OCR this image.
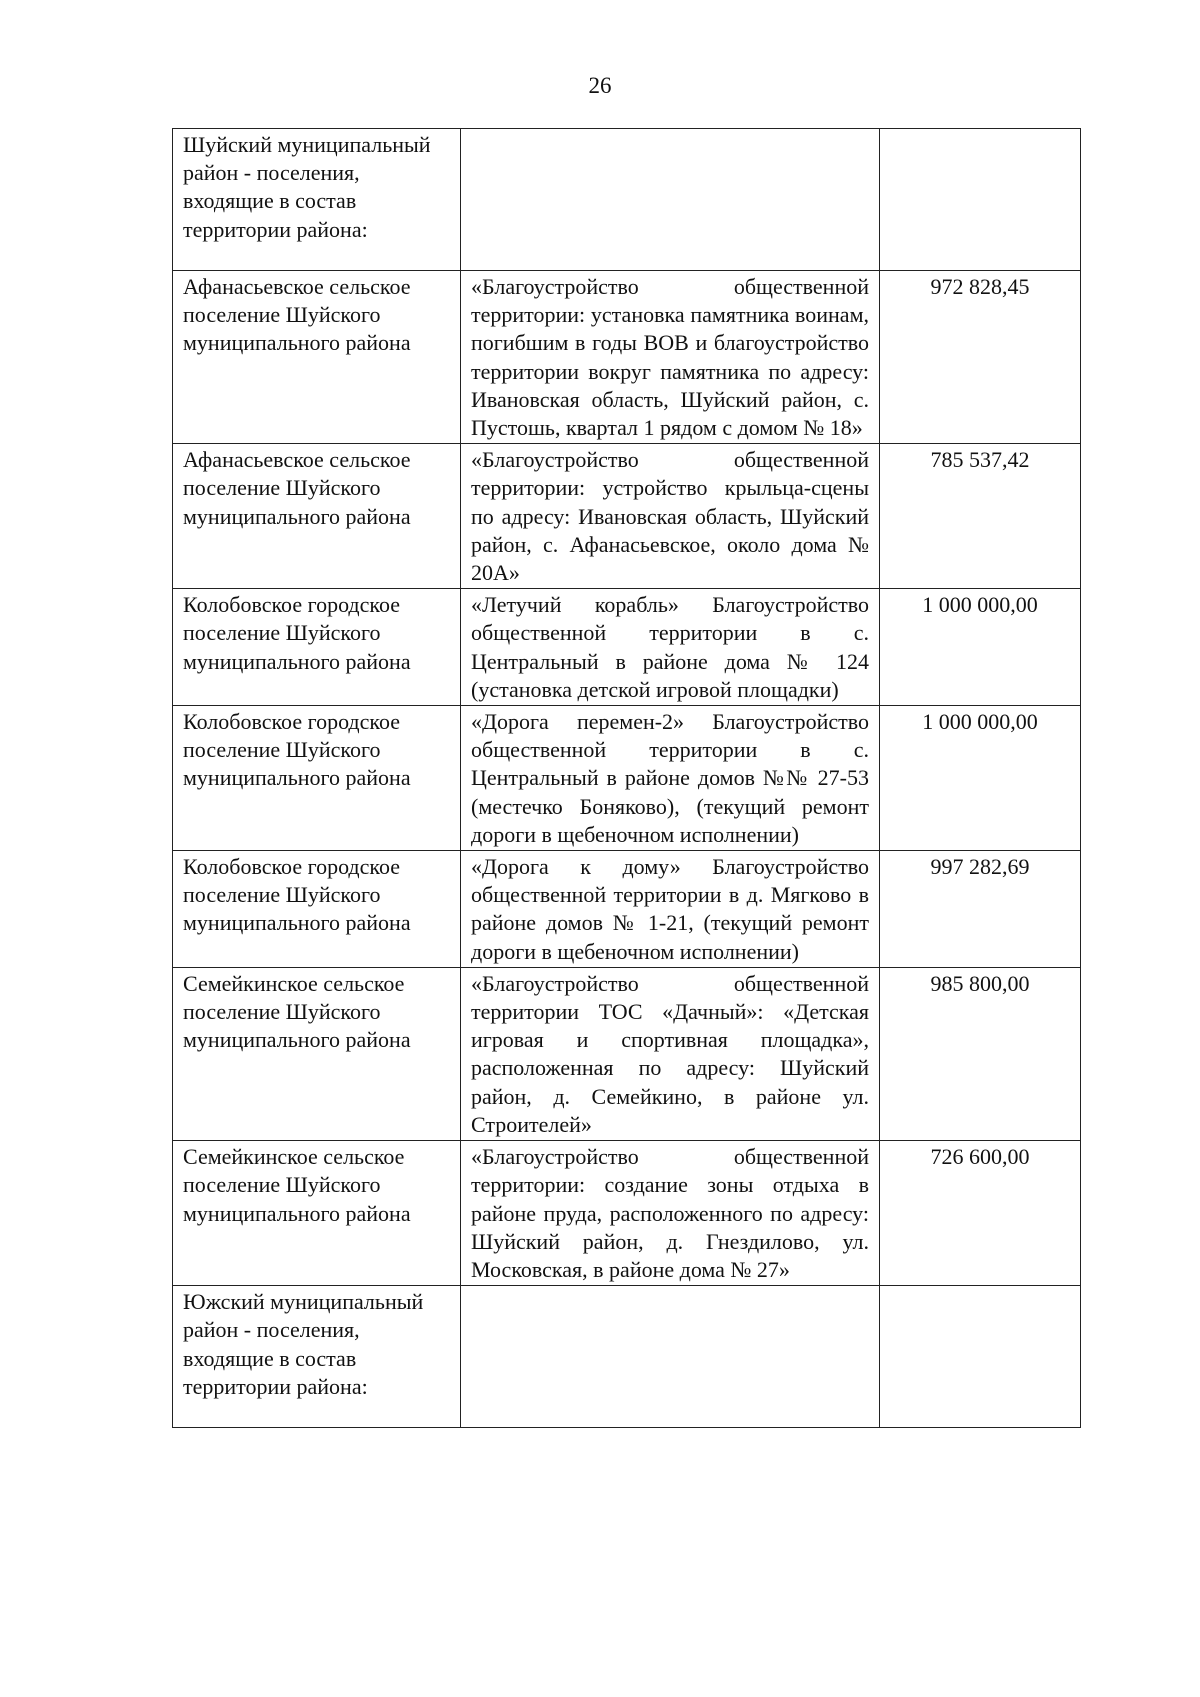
26
Шуйский муниципальный район - поселения, входящие в состав территории района:		
Афанасьевское сельское поселение Шуйского муниципального района	«Благоустройство общественной территории: установка памятника воинам, погибшим в годы ВОВ и благоустройство территории вокруг памятника по адресу: Ивановская область, Шуйский район, с. Пустошь, квартал 1 рядом с домом № 18»	972 828,45
Афанасьевское сельское поселение Шуйского муниципального района	«Благоустройство общественной территории: устройство крыльца-сцены по адресу: Ивановская область, Шуйский район, с. Афанасьевское, около дома № 20А»	785 537,42
Колобовское городское поселение Шуйского муниципального района	«Летучий корабль» Благоустройство общественной территории в с. Центральный в районе дома № 124 (установка детской игровой площадки)	1 000 000,00
Колобовское городское поселение Шуйского муниципального района	«Дорога перемен-2» Благоустройство общественной территории в с. Центральный в районе домов №№ 27-53 (местечко Боняково), (текущий ремонт дороги в щебеночном исполнении)	1 000 000,00
Колобовское городское поселение Шуйского муниципального района	«Дорога к дому» Благоустройство общественной территории в д. Мягково в районе домов № 1-21, (текущий ремонт дороги в щебеночном исполнении)	997 282,69
Семейкинское сельское поселение Шуйского муниципального района	«Благоустройство общественной территории ТОС «Дачный»: «Детская игровая и спортивная площадка», расположенная по адресу: Шуйский район, д. Семейкино, в районе ул. Строителей»	985 800,00
Семейкинское сельское поселение Шуйского муниципального района	«Благоустройство общественной территории: создание зоны отдыха в районе пруда, расположенного по адресу: Шуйский район, д. Гнездилово, ул. Московская, в районе дома № 27»	726 600,00
Южский муниципальный район - поселения, входящие в состав территории района:		
